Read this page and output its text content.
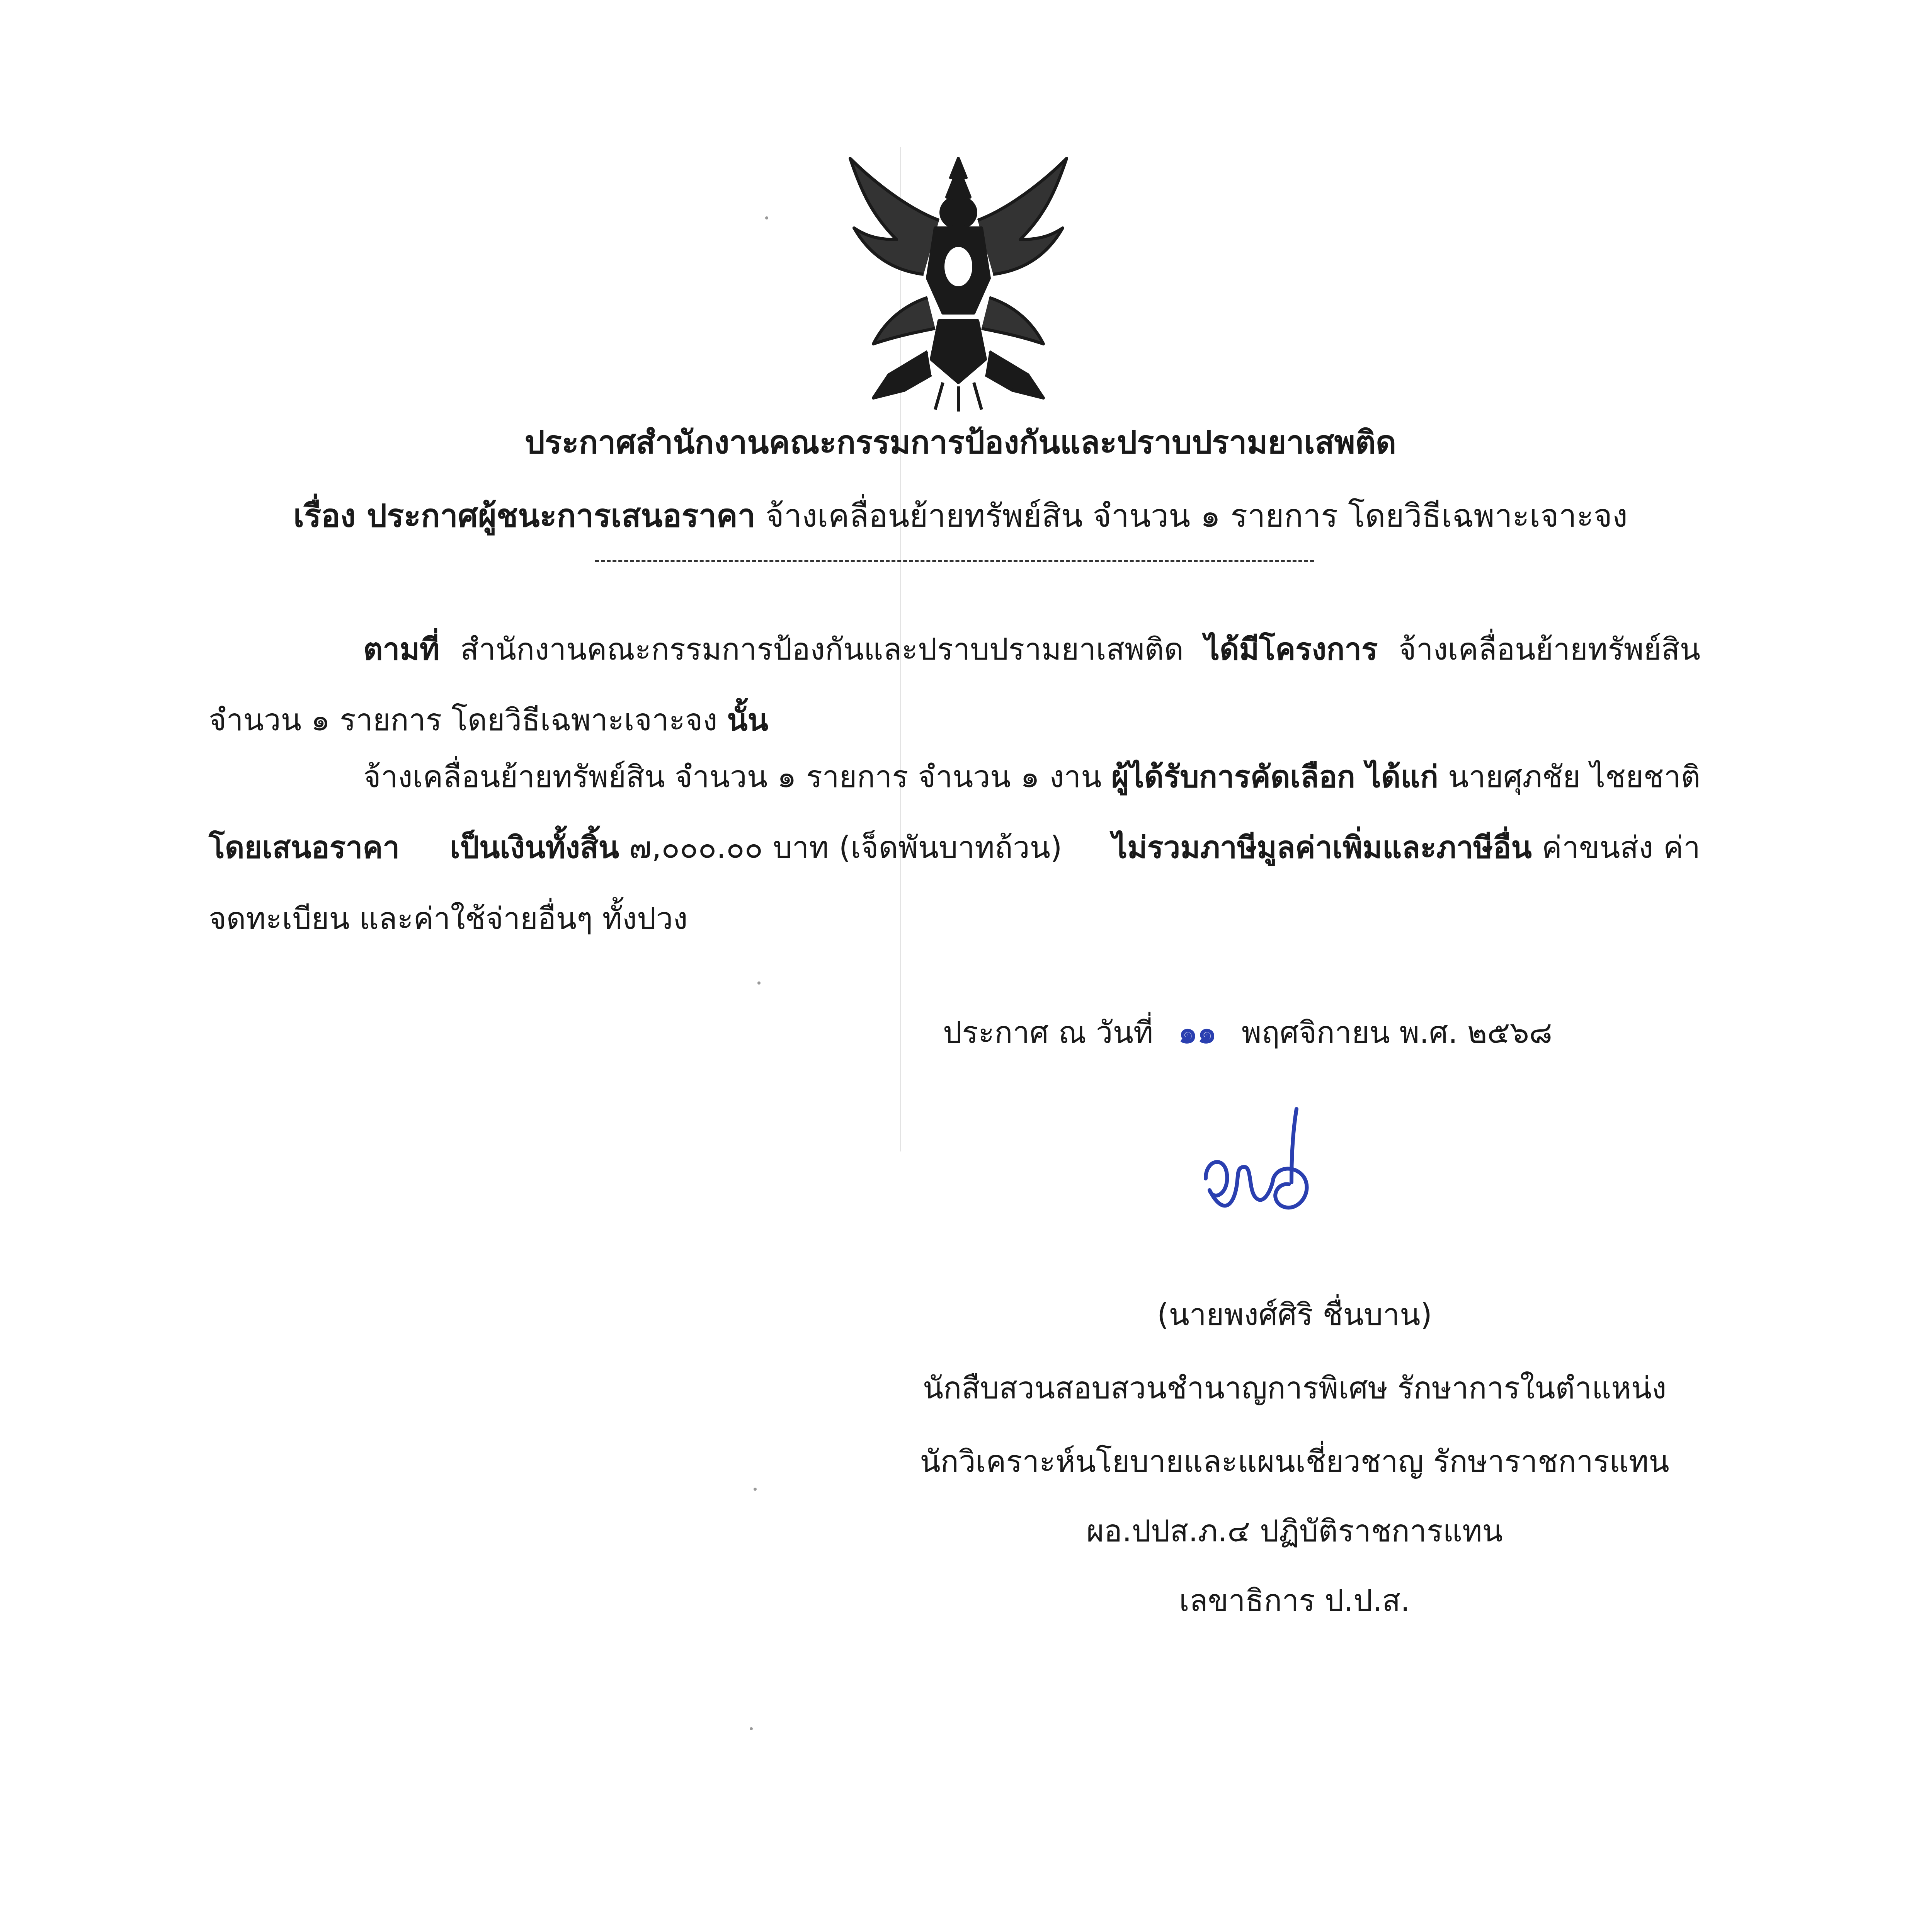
ประกาศสำนักงานคณะกรรมการป้องกันและปราบปรามยาเสพติด
เรื่อง ประกาศผู้ชนะการเสนอราคา จ้างเคลื่อนย้ายทรัพย์สิน จำนวน ๑ รายการ โดยวิธีเฉพาะเจาะจง
ตามที่ สำนักงานคณะกรรมการป้องกันและปราบปรามยาเสพติด ได้มีโครงการ จ้างเคลื่อนย้ายทรัพย์สิน จำนวน ๑ รายการ โดยวิธีเฉพาะเจาะจง นั้น
จ้างเคลื่อนย้ายทรัพย์สิน จำนวน ๑ รายการ จำนวน ๑ งาน ผู้ได้รับการคัดเลือก ได้แก่ นายศุภชัย ไชยชาติ โดยเสนอราคา เป็นเงินทั้งสิ้น ๗,๐๐๐.๐๐ บาท (เจ็ดพันบาทถ้วน) ไม่รวมภาษีมูลค่าเพิ่มและภาษีอื่น ค่าขนส่ง ค่าจดทะเบียน และค่าใช้จ่ายอื่นๆ ทั้งปวง
ประกาศ ณ วันที่ ๑๑ พฤศจิกายน พ.ศ. ๒๕๖๘
(นายพงศ์ศิริ ชื่นบาน)
นักสืบสวนสอบสวนชำนาญการพิเศษ รักษาการในตำแหน่ง
นักวิเคราะห์นโยบายและแผนเชี่ยวชาญ รักษาราชการแทน
ผอ.ปปส.ภ.๔ ปฏิบัติราชการแทน
เลขาธิการ ป.ป.ส.
